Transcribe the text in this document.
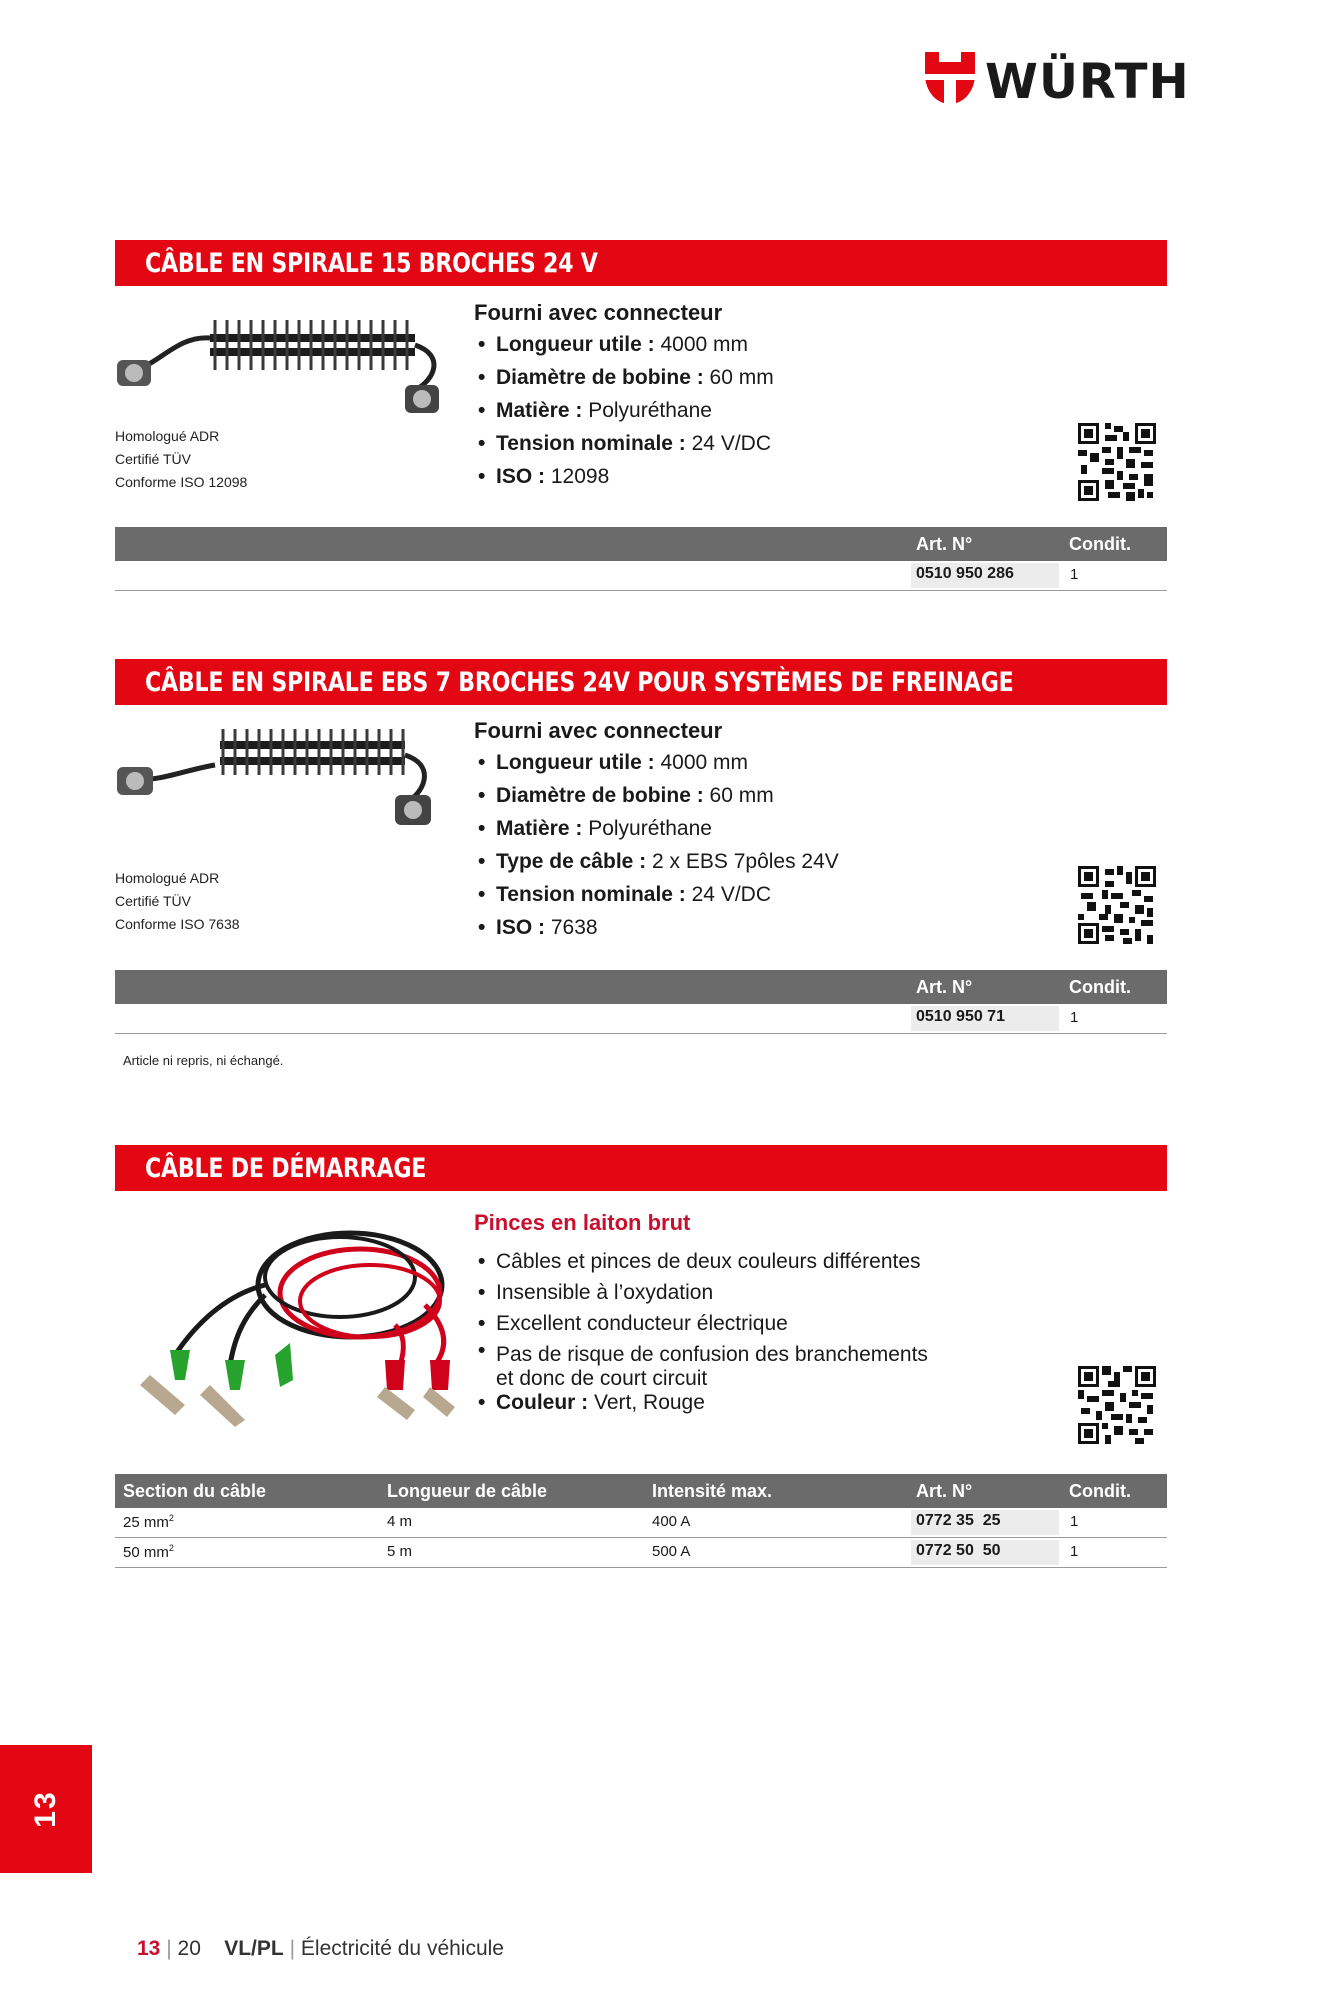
WÜRTH
CÂBLE EN SPIRALE 15 BROCHES 24 V
Homologué ADR
Certifié TÜV
Conforme ISO 12098
Fourni avec connecteur
• Longueur utile : 4000 mm
• Diamètre de bobine : 60 mm
• Matière : Polyuréthane
• Tension nominale : 24 V/DC
• ISO : 12098
Art. N°	Condit.
0510 950 286	1
CÂBLE EN SPIRALE EBS 7 BROCHES 24V POUR SYSTÈMES DE FREINAGE
Homologué ADR
Certifié TÜV
Conforme ISO 7638
Fourni avec connecteur
• Longueur utile : 4000 mm
• Diamètre de bobine : 60 mm
• Matière : Polyuréthane
• Type de câble : 2 x EBS 7pôles 24V
• Tension nominale : 24 V/DC
• ISO : 7638
Art. N°	Condit.
0510 950 71	1
Article ni repris, ni échangé.
CÂBLE DE DÉMARRAGE
Pinces en laiton brut
• Câbles et pinces de deux couleurs différentes
• Insensible à l’oxydation
• Excellent conducteur électrique
• Pas de risque de confusion des branchements
et donc de court circuit
• Couleur : Vert, Rouge
Section du câble	Longueur de câble	Intensité max.	Art. N°	Condit.
25 $mm^2$	4 m	400 A	0772 35  25	1
50 $mm^2$	5 m	500 A	0772 50  50	1
13
13 | 20 VL/PL | Électricité du véhicule
